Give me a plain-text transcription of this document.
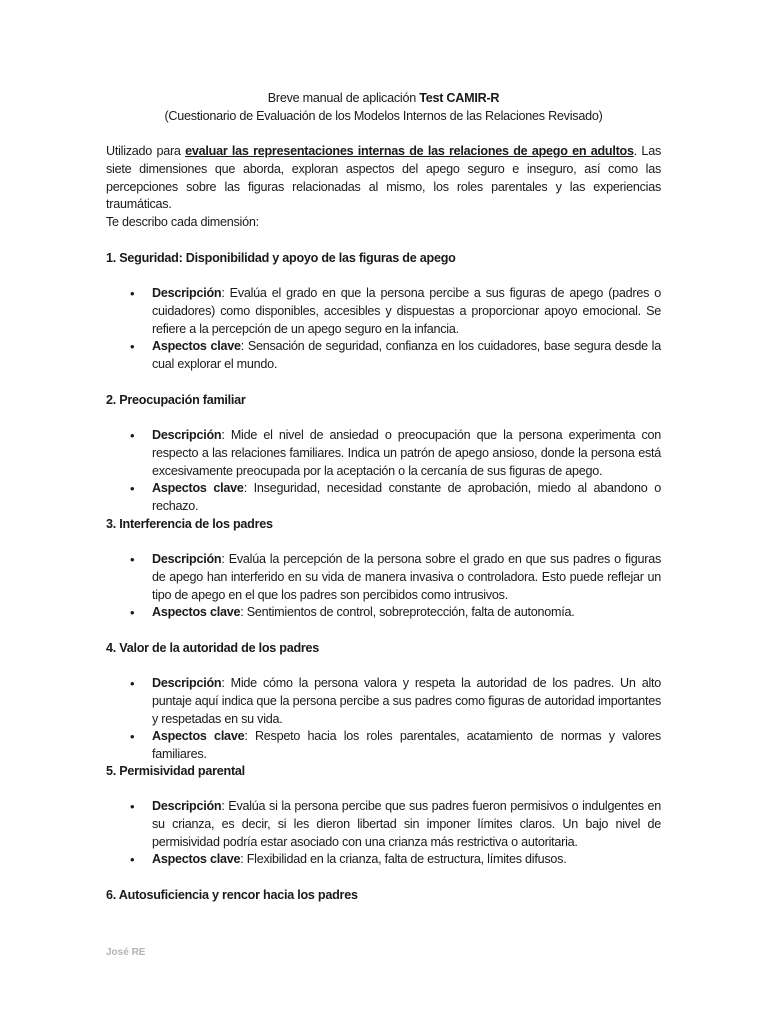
Breve manual de aplicación Test CAMIR-R
(Cuestionario de Evaluación de los Modelos Internos de las Relaciones Revisado)
Utilizado para evaluar las representaciones internas de las relaciones de apego en adultos. Las siete dimensiones que aborda, exploran aspectos del apego seguro e inseguro, así como las percepciones sobre las figuras relacionadas al mismo, los roles parentales y las experiencias traumáticas.
Te describo cada dimensión:
1. Seguridad: Disponibilidad y apoyo de las figuras de apego
• Descripción: Evalúa el grado en que la persona percibe a sus figuras de apego (padres o cuidadores) como disponibles, accesibles y dispuestas a proporcionar apoyo emocional. Se refiere a la percepción de un apego seguro en la infancia.
• Aspectos clave: Sensación de seguridad, confianza en los cuidadores, base segura desde la cual explorar el mundo.
2. Preocupación familiar
• Descripción: Mide el nivel de ansiedad o preocupación que la persona experimenta con respecto a las relaciones familiares. Indica un patrón de apego ansioso, donde la persona está excesivamente preocupada por la aceptación o la cercanía de sus figuras de apego.
• Aspectos clave: Inseguridad, necesidad constante de aprobación, miedo al abandono o rechazo.
3. Interferencia de los padres
• Descripción: Evalúa la percepción de la persona sobre el grado en que sus padres o figuras de apego han interferido en su vida de manera invasiva o controladora. Esto puede reflejar un tipo de apego en el que los padres son percibidos como intrusivos.
• Aspectos clave: Sentimientos de control, sobreprotección, falta de autonomía.
4. Valor de la autoridad de los padres
• Descripción: Mide cómo la persona valora y respeta la autoridad de los padres. Un alto puntaje aquí indica que la persona percibe a sus padres como figuras de autoridad importantes y respetadas en su vida.
• Aspectos clave: Respeto hacia los roles parentales, acatamiento de normas y valores familiares.
5. Permisividad parental
• Descripción: Evalúa si la persona percibe que sus padres fueron permisivos o indulgentes en su crianza, es decir, si les dieron libertad sin imponer límites claros. Un bajo nivel de permisividad podría estar asociado con una crianza más restrictiva o autoritaria.
• Aspectos clave: Flexibilidad en la crianza, falta de estructura, límites difusos.
6. Autosuficiencia y rencor hacia los padres
José RE
